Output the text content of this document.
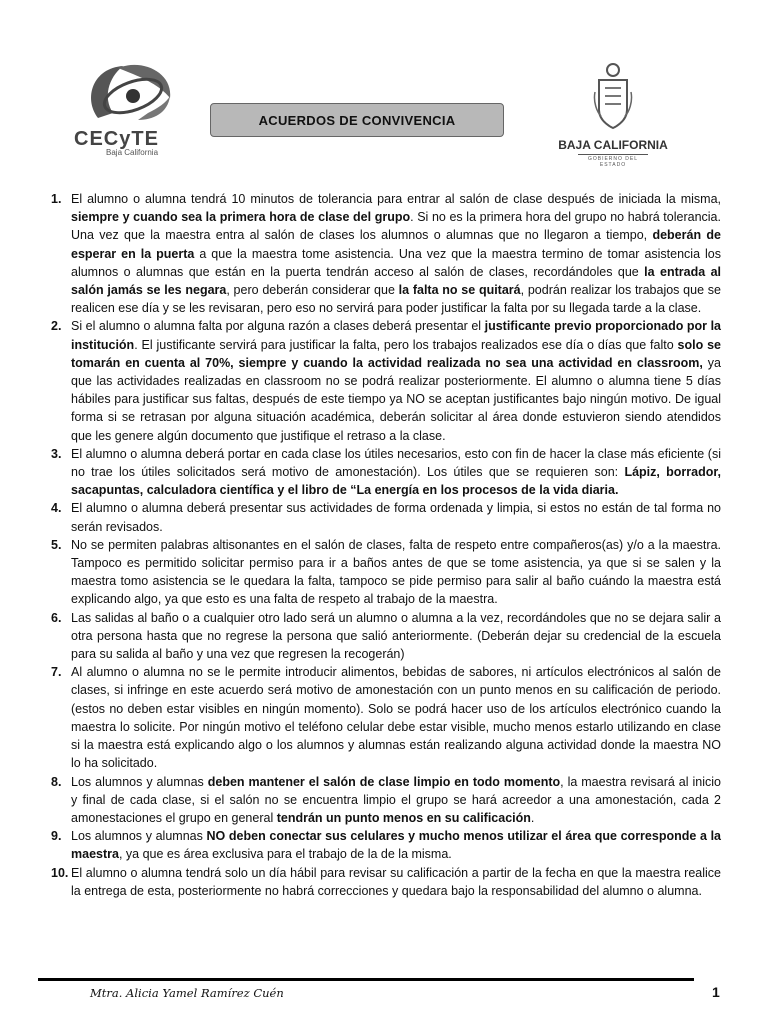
CECyTE
Baja California
ACUERDOS DE CONVIVENCIA
BAJA CALIFORNIA
GOBIERNO DEL ESTADO
1. El alumno o alumna tendrá 10 minutos de tolerancia para entrar al salón de clase después de iniciada la misma, siempre y cuando sea la primera hora de clase del grupo. Si no es la primera hora del grupo no habrá tolerancia. Una vez que la maestra entra al salón de clases los alumnos o alumnas que no llegaron a tiempo, deberán de esperar en la puerta a que la maestra tome asistencia. Una vez que la maestra termino de tomar asistencia los alumnos o alumnas que están en la puerta tendrán acceso al salón de clases, recordándoles que la entrada al salón jamás se les negara, pero deberán considerar que la falta no se quitará, podrán realizar los trabajos que se realicen ese día y se les revisaran, pero eso no servirá para poder justificar la falta por su llegada tarde a la clase.
2. Si el alumno o alumna falta por alguna razón a clases deberá presentar el justificante previo proporcionado por la institución. El justificante servirá para justificar la falta, pero los trabajos realizados ese día o días que falto solo se tomarán en cuenta al 70%, siempre y cuando la actividad realizada no sea una actividad en classroom, ya que las actividades realizadas en classroom no se podrá realizar posteriormente. El alumno o alumna tiene 5 días hábiles para justificar sus faltas, después de este tiempo ya NO se aceptan justificantes bajo ningún motivo. De igual forma si se retrasan por alguna situación académica, deberán solicitar al área donde estuvieron siendo atendidos que les genere algún documento que justifique el retraso a la clase.
3. El alumno o alumna deberá portar en cada clase los útiles necesarios, esto con fin de hacer la clase más eficiente (si no trae los útiles solicitados será motivo de amonestación). Los útiles que se requieren son: Lápiz, borrador, sacapuntas, calculadora científica y el libro de “La energía en los procesos de la vida diaria.
4. El alumno o alumna deberá presentar sus actividades de forma ordenada y limpia, si estos no están de tal forma no serán revisados.
5. No se permiten palabras altisonantes en el salón de clases, falta de respeto entre compañeros(as) y/o a la maestra. Tampoco es permitido solicitar permiso para ir a baños antes de que se tome asistencia, ya que si se salen y la maestra tomo asistencia se le quedara la falta, tampoco se pide permiso para salir al baño cuándo la maestra está explicando algo, ya que esto es una falta de respeto al trabajo de la maestra.
6. Las salidas al baño o a cualquier otro lado será un alumno o alumna a la vez, recordándoles que no se dejara salir a otra persona hasta que no regrese la persona que salió anteriormente. (Deberán dejar su credencial de la escuela para su salida al baño y una vez que regresen la recogerán)
7. Al alumno o alumna no se le permite introducir alimentos, bebidas de sabores, ni artículos electrónicos al salón de clases, si infringe en este acuerdo será motivo de amonestación con un punto menos en su calificación de periodo. (estos no deben estar visibles en ningún momento). Solo se podrá hacer uso de los artículos electrónico cuando la maestra lo solicite. Por ningún motivo el teléfono celular debe estar visible, mucho menos estarlo utilizando en clase si la maestra está explicando algo o los alumnos y alumnas están realizando alguna actividad donde la maestra NO lo ha solicitado.
8. Los alumnos y alumnas deben mantener el salón de clase limpio en todo momento, la maestra revisará al inicio y final de cada clase, si el salón no se encuentra limpio el grupo se hará acreedor a una amonestación, cada 2 amonestaciones el grupo en general tendrán un punto menos en su calificación.
9. Los alumnos y alumnas NO deben conectar sus celulares y mucho menos utilizar el área que corresponde a la maestra, ya que es área exclusiva para el trabajo de la de la misma.
10. El alumno o alumna tendrá solo un día hábil para revisar su calificación a partir de la fecha en que la maestra realice la entrega de esta, posteriormente no habrá correcciones y quedara bajo la responsabilidad del alumno o alumna.
Mtra. Alicia Yamel Ramírez Cuén	1
